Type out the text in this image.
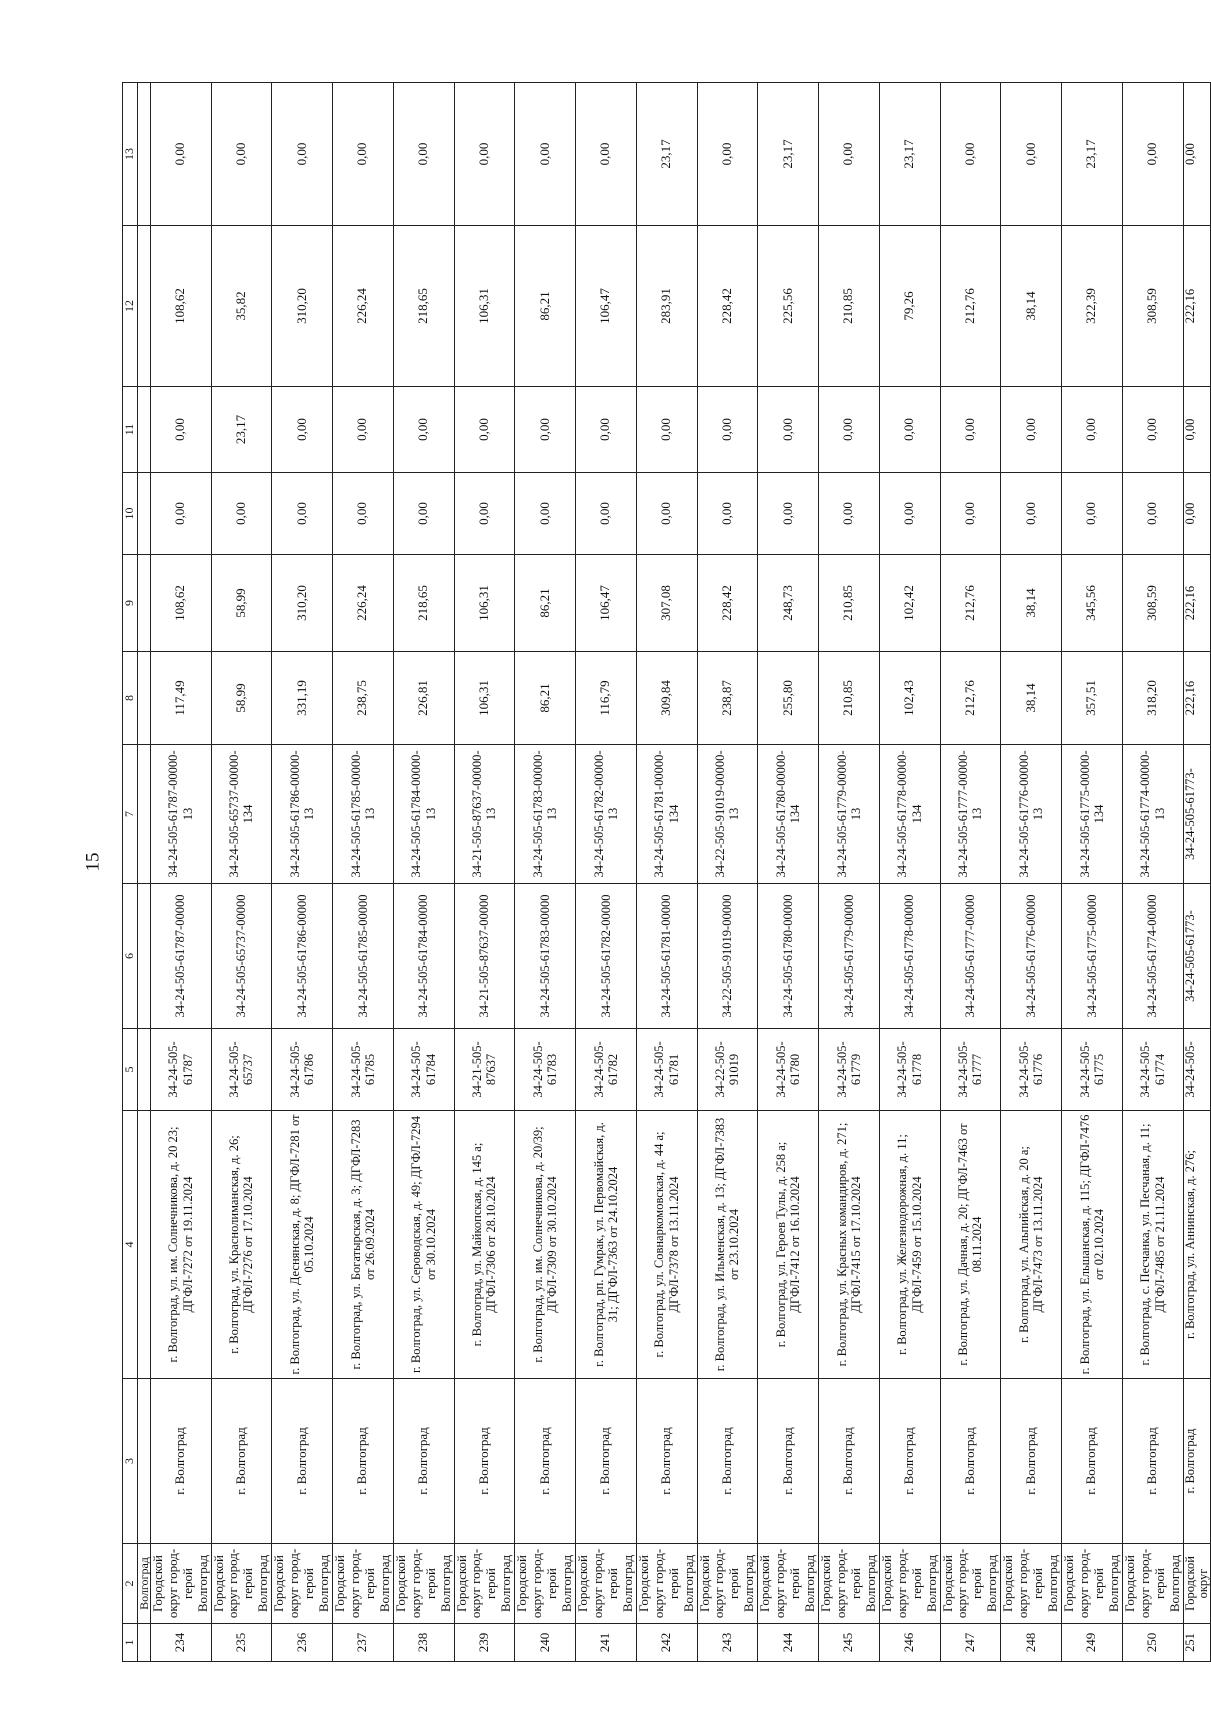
15
1	2	3	4	5	6	7	8	9	10	11	12	13
	Волгоград											
234	Городской округ город-герой Волгоград	г. Волгоград	г. Волгоград, ул. им. Солнечникова, д. 20 23; ДГФЛ-7272 от 19.11.2024	34-24-505-61787	34-24-505-61787-00000	34-24-505-61787-00000-13	117,49	108,62	0,00	0,00	108,62	0,00
235	Городской округ город-герой Волгоград	г. Волгоград	г. Волгоград, ул. Краснолиманская, д. 26; ДГФЛ-7276 от 17.10.2024	34-24-505-65737	34-24-505-65737-00000	34-24-505-65737-00000-134	58,99	58,99	0,00	23,17	35,82	0,00
236	Городской округ город-герой Волгоград	г. Волгоград	г. Волгоград, ул. Деснянская, д. 8; ДГФЛ-7281 от 05.10.2024	34-24-505-61786	34-24-505-61786-00000	34-24-505-61786-00000-13	331,19	310,20	0,00	0,00	310,20	0,00
237	Городской округ город-герой Волгоград	г. Волгоград	г. Волгоград, ул. Богатырская, д. 3; ДГФЛ-7283 от 26.09.2024	34-24-505-61785	34-24-505-61785-00000	34-24-505-61785-00000-13	238,75	226,24	0,00	0,00	226,24	0,00
238	Городской округ город-герой Волгоград	г. Волгоград	г. Волгоград, ул. Сероводская, д. 49; ДГФЛ-7294 от 30.10.2024	34-24-505-61784	34-24-505-61784-00000	34-24-505-61784-00000-13	226,81	218,65	0,00	0,00	218,65	0,00
239	Городской округ город-герой Волгоград	г. Волгоград	г. Волгоград, ул. Майкопская, д. 145 а; ДГФЛ-7306 от 28.10.2024	34-21-505-87637	34-21-505-87637-00000	34-21-505-87637-00000-13	106,31	106,31	0,00	0,00	106,31	0,00
240	Городской округ город-герой Волгоград	г. Волгоград	г. Волгоград, ул. им. Солнечникова, д. 20/39; ДГФЛ-7309 от 30.10.2024	34-24-505-61783	34-24-505-61783-00000	34-24-505-61783-00000-13	86,21	86,21	0,00	0,00	86,21	0,00
241	Городской округ город-герой Волгоград	г. Волгоград	г. Волгоград, рп. Гумрак, ул. Первомайская, д. 31; ДГФЛ-7363 от 24.10.2024	34-24-505-61782	34-24-505-61782-00000	34-24-505-61782-00000-13	116,79	106,47	0,00	0,00	106,47	0,00
242	Городской округ город-герой Волгоград	г. Волгоград	г. Волгоград, ул. Совнаркомовская, д. 44 а; ДГФЛ-7378 от 13.11.2024	34-24-505-61781	34-24-505-61781-00000	34-24-505-61781-00000-134	309,84	307,08	0,00	0,00	283,91	23,17
243	Городской округ город-герой Волгоград	г. Волгоград	г. Волгоград, ул. Ильменская, д. 13; ДГФЛ-7383 от 23.10.2024	34-22-505-91019	34-22-505-91019-00000	34-22-505-91019-00000-13	238,87	228,42	0,00	0,00	228,42	0,00
244	Городской округ город-герой Волгоград	г. Волгоград	г. Волгоград, ул. Героев Тулы, д. 258 а; ДГФЛ-7412 от 16.10.2024	34-24-505-61780	34-24-505-61780-00000	34-24-505-61780-00000-134	255,80	248,73	0,00	0,00	225,56	23,17
245	Городской округ город-герой Волгоград	г. Волгоград	г. Волгоград, ул. Красных командиров, д. 271; ДГФЛ-7415 от 17.10.2024	34-24-505-61779	34-24-505-61779-00000	34-24-505-61779-00000-13	210,85	210,85	0,00	0,00	210,85	0,00
246	Городской округ город-герой Волгоград	г. Волгоград	г. Волгоград, ул. Железнодорожная, д. 11; ДГФЛ-7459 от 15.10.2024	34-24-505-61778	34-24-505-61778-00000	34-24-505-61778-00000-134	102,43	102,42	0,00	0,00	79,26	23,17
247	Городской округ город-герой Волгоград	г. Волгоград	г. Волгоград, ул. Дачная, д. 20; ДГФЛ-7463 от 08.11.2024	34-24-505-61777	34-24-505-61777-00000	34-24-505-61777-00000-13	212,76	212,76	0,00	0,00	212,76	0,00
248	Городской округ город-герой Волгоград	г. Волгоград	г. Волгоград, ул. Альпийская, д. 20 а; ДГФЛ-7473 от 13.11.2024	34-24-505-61776	34-24-505-61776-00000	34-24-505-61776-00000-13	38,14	38,14	0,00	0,00	38,14	0,00
249	Городской округ город-герой Волгоград	г. Волгоград	г. Волгоград, ул. Ельшанская, д. 115; ДГФЛ-7476 от 02.10.2024	34-24-505-61775	34-24-505-61775-00000	34-24-505-61775-00000-134	357,51	345,56	0,00	0,00	322,39	23,17
250	Городской округ город-герой Волгоград	г. Волгоград	г. Волгоград, с. Песчанка, ул. Песчаная, д. 11; ДГФЛ-7485 от 21.11.2024	34-24-505-61774	34-24-505-61774-00000	34-24-505-61774-00000-13	318,20	308,59	0,00	0,00	308,59	0,00
251	Городской округ	г. Волгоград	г. Волгоград, ул. Аннинская, д. 276;	34-24-505-	34-24-505-61773-	34-24-505-61773-	222,16	222,16	0,00	0,00	222,16	0,00
